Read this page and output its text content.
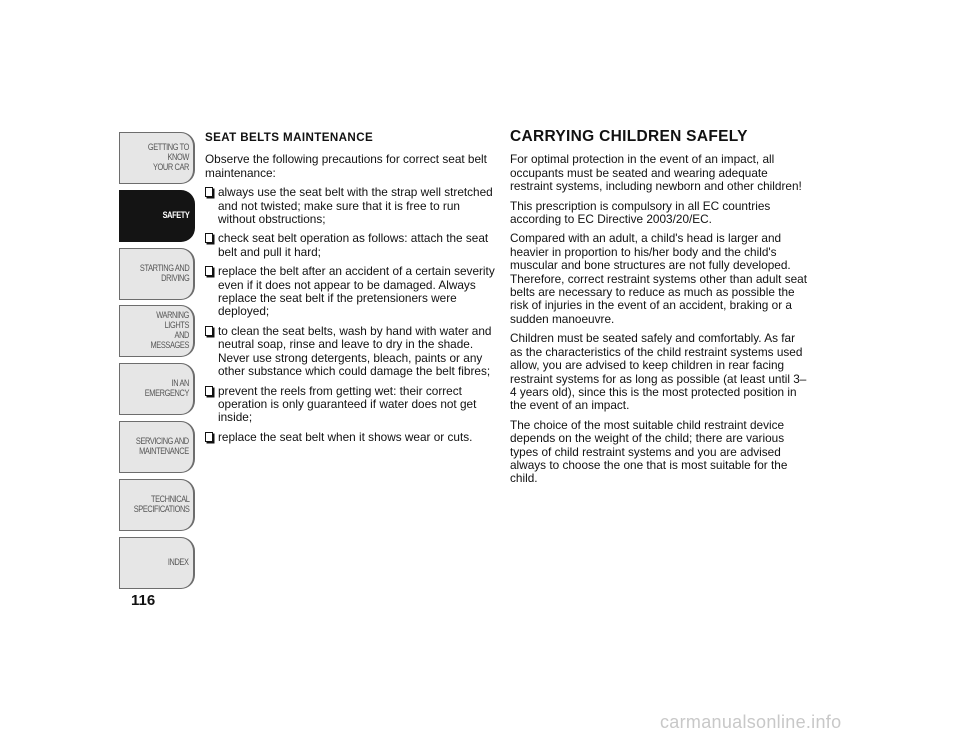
GETTING TO KNOW
YOUR CAR
SAFETY
STARTING AND
DRIVING
WARNING LIGHTS
AND MESSAGES
IN AN EMERGENCY
SERVICING AND
MAINTENANCE
TECHNICAL
SPECIFICATIONS
INDEX
116
SEAT BELTS MAINTENANCE

Observe the following precautions for correct seat belt maintenance:

always use the seat belt with the strap well stretched and not twisted; make sure that it is free to run without obstructions;
check seat belt operation as follows: attach the seat belt and pull it hard;
replace the belt after an accident of a certain severity even if it does not appear to be damaged. Always replace the seat belt if the pretensioners were deployed;
to clean the seat belts, wash by hand with water and neutral soap, rinse and leave to dry in the shade. Never use strong detergents, bleach, paints or any other substance which could damage the belt fibres;
prevent the reels from getting wet: their correct operation is only guaranteed if water does not get inside;
replace the seat belt when it shows wear or cuts.
CARRYING CHILDREN SAFELY

For optimal protection in the event of an impact, all occupants must be seated and wearing adequate restraint systems, including newborn and other children!

This prescription is compulsory in all EC countries according to EC Directive 2003/20/EC.

Compared with an adult, a child's head is larger and heavier in proportion to his/her body and the child's muscular and bone structures are not fully developed. Therefore, correct restraint systems other than adult seat belts are necessary to reduce as much as possible the risk of injuries in the event of an accident, braking or a sudden manoeuvre.

Children must be seated safely and comfortably. As far as the characteristics of the child restraint systems used allow, you are advised to keep children in rear facing restraint systems for as long as possible (at least until 3–4 years old), since this is the most protected position in the event of an impact.

The choice of the most suitable child restraint device depends on the weight of the child; there are various types of child restraint systems and you are advised always to choose the one that is most suitable for the child.

carmanualsonline.info
